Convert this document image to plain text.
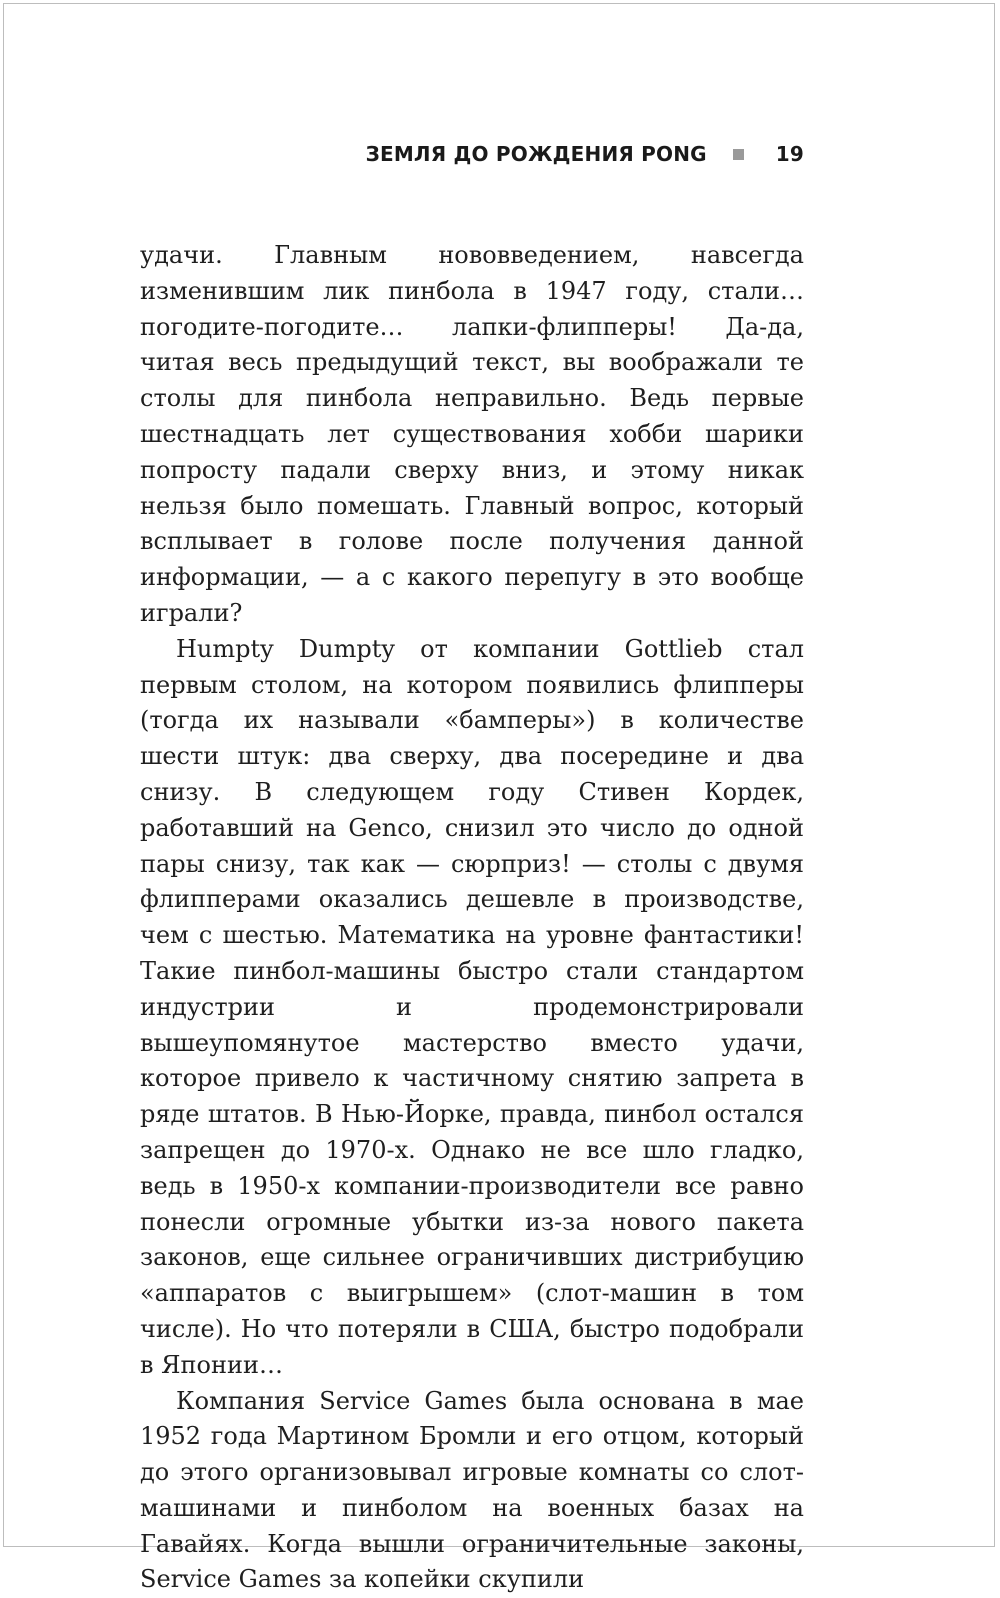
ЗЕМЛЯ ДО РОЖДЕНИЯ PONG	19

удачи. Главным нововведением, навсегда изменившим лик пинбола в 1947 году, стали… погодите-погодите… лапки-флипперы! Да-да, читая весь предыдущий текст, вы воображали те столы для пинбола неправильно. Ведь первые шестнадцать лет существования хобби шарики попросту падали сверху вниз, и этому никак нельзя было помешать. Главный вопрос, который всплывает в голове после получения данной информации, — а с какого перепугу в это вообще играли?

Humpty Dumpty от компании Gottlieb стал первым столом, на котором появились флипперы (тогда их называли «бамперы») в количестве шести штук: два сверху, два посередине и два снизу. В следующем году Стивен Кордек, работавший на Genco, снизил это число до одной пары снизу, так как — сюрприз! — столы с двумя флипперами оказались дешевле в производстве, чем с шестью. Математика на уровне фантастики! Такие пинбол-машины быстро стали стандартом индустрии и продемонстрировали вышеупомянутое мастерство вместо удачи, которое привело к частичному снятию запрета в ряде штатов. В Нью-Йорке, правда, пинбол остался запрещен до 1970-х. Однако не все шло гладко, ведь в 1950-х компании-производители все равно понесли огромные убытки из-за нового пакета законов, еще сильнее ограничивших дистрибуцию «аппаратов с выигрышем» (слот-машин в том числе). Но что потеряли в США, быстро подобрали в Японии…

Компания Service Games была основана в мае 1952 года Мартином Бромли и его отцом, который до этого организовывал игровые комнаты со слот-машинами и пинболом на военных базах на Гавайях. Когда вышли ограничительные законы, Service Games за копейки скупили
